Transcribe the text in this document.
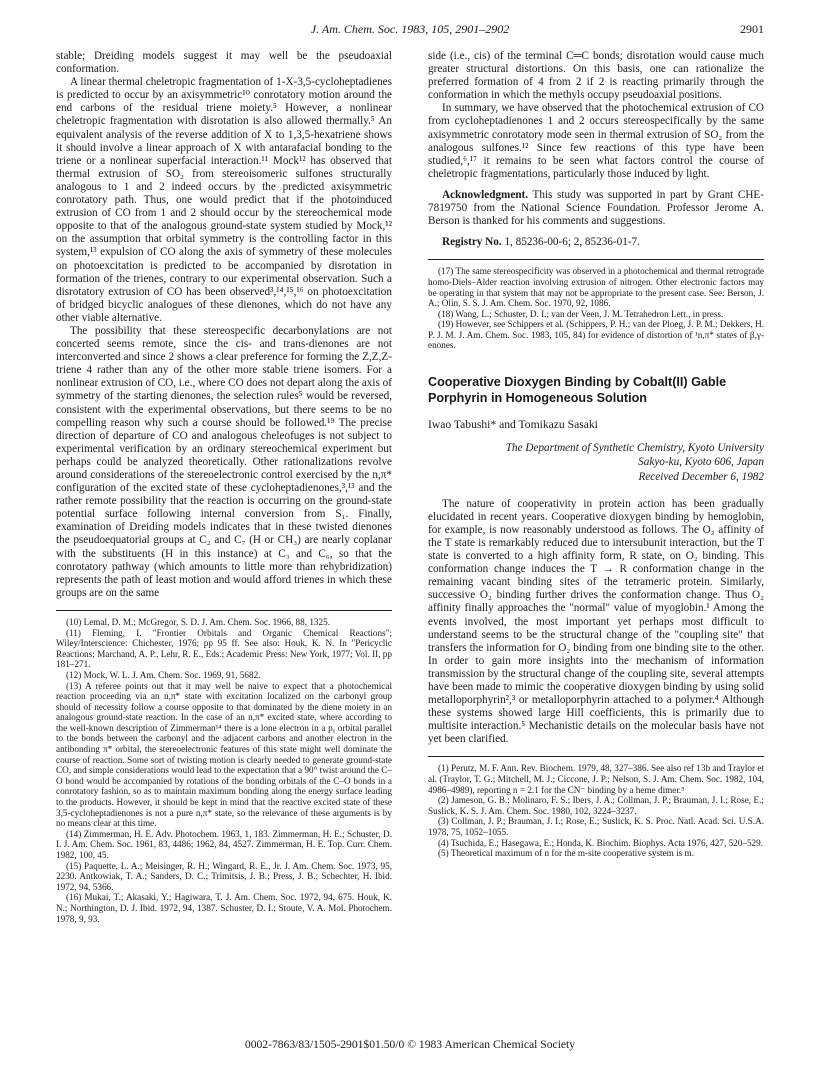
J. Am. Chem. Soc. 1983, 105, 2901–2902	2901

stable; Dreiding models suggest it may well be the pseudoaxial conformation.

A linear thermal cheletropic fragmentation of 1-X-3,5-cycloheptadienes is predicted to occur by an axisymmetric¹⁰ conrotatory motion around the end carbons of the residual triene moiety.⁵ However, a nonlinear cheletropic fragmentation with disrotation is also allowed thermally.⁵ An equivalent analysis of the reverse addition of X to 1,3,5-hexatriene shows it should involve a linear approach of X with antarafacial bonding to the triene or a nonlinear superfacial interaction.¹¹ Mock¹² has observed that thermal extrusion of SO₂ from stereoisomeric sulfones structurally analogous to 1 and 2 indeed occurs by the predicted axisymmetric conrotatory path. Thus, one would predict that if the photoinduced extrusion of CO from 1 and 2 should occur by the stereochemical mode opposite to that of the analogous ground-state system studied by Mock,¹² on the assumption that orbital symmetry is the controlling factor in this system,¹³ expulsion of CO along the axis of symmetry of these molecules on photoexcitation is predicted to be accompanied by disrotation in formation of the trienes, contrary to our experimental observation. Such a disrotatory extrusion of CO has been observed³,¹⁴,¹⁵,¹⁶ on photoexcitation of bridged bicyclic analogues of these dienones, which do not have any other viable alternative.

The possibility that these stereospecific decarbonylations are not concerted seems remote, since the cis- and trans-dienones are not interconverted and since 2 shows a clear preference for forming the Z,Z,Z-triene 4 rather than any of the other more stable triene isomers. For a nonlinear extrusion of CO, i.e., where CO does not depart along the axis of symmetry of the starting dienones, the selection rules⁵ would be reversed, consistent with the experimental observations, but there seems to be no compelling reason why such a course should be followed.¹⁹ The precise direction of departure of CO and analogous cheleofuges is not subject to experimental verification by an ordinary stereochemical experiment but perhaps could be analyzed theoretically. Other rationalizations revolve around considerations of the stereoelectronic control exercised by the n,π* configuration of the excited state of these cycloheptadienones,³,¹³ and the rather remote possibility that the reaction is occurring on the ground-state potential surface following internal conversion from S₁. Finally, examination of Dreiding models indicates that in these twisted dienones the pseudoequatorial groups at C₂ and C₇ (H or CH₃) are nearly coplanar with the substituents (H in this instance) at C₃ and C₆, so that the conrotatory pathway (which amounts to little more than rehybridization) represents the path of least motion and would afford trienes in which these groups are on the same

(10) Lemal, D. M.; McGregor, S. D. J. Am. Chem. Soc. 1966, 88, 1325.

(11) Fleming, I. "Frontier Orbitals and Organic Chemical Reactions"; Wiley/Interscience: Chichester, 1976; pp 95 ff. See also: Houk, K. N. In "Pericyclic Reactions; Marchand, A. P., Lehr, R. E., Eds.; Academic Press: New York, 1977; Vol. II, pp 181–271.

(12) Mock, W. L. J. Am. Chem. Soc. 1969, 91, 5682.

(13) A referee points out that it may well be naive to expect that a photochemical reaction proceeding via an n,π* state with excitation localized on the carbonyl group should of necessity follow a course opposite to that dominated by the diene moiety in an analogous ground-state reaction. In the case of an n,π* excited state, where according to the well-known description of Zimmerman¹⁴ there is a lone electron in a pᵧ orbital parallel to the bonds between the carbonyl and the adjacent carbons and another electron in the antibonding π* orbital, the stereoelectronic features of this state might well dominate the course of reaction. Some sort of twisting motion is clearly needed to generate ground-state CO, and simple considerations would lead to the expectation that a 90° twist around the C–O bond would be accompanied by rotations of the bonding orbitals of the C–O bonds in a conrotatory fashion, so as to maintain maximum bonding along the energy surface leading to the products. However, it should be kept in mind that the reactive excited state of these 3,5-cycloheptadienones is not a pure n,π* state, so the relevance of these arguments is by no means clear at this time.

(14) Zimmerman, H. E. Adv. Photochem. 1963, 1, 183. Zimmerman, H. E.; Schuster, D. I. J. Am. Chem. Soc. 1961, 83, 4486; 1962, 84, 4527. Zimmerman, H. E. Top. Curr. Chem. 1982, 100, 45.

(15) Paquette, L. A.; Meisinger, R. H.; Wingard, R. E., Jr. J. Am. Chem. Soc. 1973, 95, 2230. Antkowiak, T. A.; Sanders, D. C.; Trimitsis, J. B.; Press, J. B.; Schechter, H. Ibid. 1972, 94, 5366.

(16) Mukai, T.; Akasaki, Y.; Hagiwara, T. J. Am. Chem. Soc. 1972, 94, 675. Houk, K. N.; Northington, D. J. Ibid. 1972, 94, 1387. Schuster, D. I.; Stoute, V. A. Mol. Photochem. 1978, 9, 93.

side (i.e., cis) of the terminal C═C bonds; disrotation would cause much greater structural distortions. On this basis, one can rationalize the preferred formation of 4 from 2 if 2 is reacting primarily through the conformation in which the methyls occupy pseudoaxial positions.

In summary, we have observed that the photochemical extrusion of CO from cycloheptadienones 1 and 2 occurs stereospecifically by the same axisymmetric conrotatory mode seen in thermal extrusion of SO₂ from the analogous sulfones.¹² Since few reactions of this type have been studied,⁶,¹⁷ it remains to be seen what factors control the course of cheletropic fragmentations, particularly those induced by light.

Acknowledgment. This study was supported in part by Grant CHE-7819750 from the National Science Foundation. Professor Jerome A. Berson is thanked for his comments and suggestions.

Registry No. 1, 85236-00-6; 2, 85236-01-7.

(17) The same stereospecificity was observed in a photochemical and thermal retrograde homo-Diels–Alder reaction involving extrusion of nitrogen. Other electronic factors may be operating in that system that may not be appropriate to the present case. See: Berson, J. A.; Olin, S. S. J. Am. Chem. Soc. 1970, 92, 1086.

(18) Wang, L.; Schuster, D. I.; van der Veen, J. M. Tetrahedron Lett., in press.

(19) However, see Schippers et al. (Schippers, P. H.; van der Ploeg, J. P. M.; Dekkers, H. P. J. M. J. Am. Chem. Soc. 1983, 105, 84) for evidence of distortion of ¹n,π* states of β,γ-enones.

Cooperative Dioxygen Binding by Cobalt(II) Gable Porphyrin in Homogeneous Solution
Iwao Tabushi* and Tomikazu Sasaki
The Department of Synthetic Chemistry, Kyoto University
Sakyo-ku, Kyoto 606, Japan
Received December 6, 1982

The nature of cooperativity in protein action has been gradually elucidated in recent years. Cooperative dioxygen binding by hemoglobin, for example, is now reasonably understood as follows. The O₂ affinity of the T state is remarkably reduced due to intersubunit interaction, but the T state is converted to a high affinity form, R state, on O₂ binding. This conformation change induces the T → R conformation change in the remaining vacant binding sites of the tetrameric protein. Similarly, successive O₂ binding further drives the conformation change. Thus O₂ affinity finally approaches the "normal" value of myoglobin.¹ Among the events involved, the most important yet perhaps most difficult to understand seems to be the structural change of the "coupling site" that transfers the information for O₂ binding from one binding site to the other. In order to gain more insights into the mechanism of information transmission by the structural change of the coupling site, several attempts have been made to mimic the cooperative dioxygen binding by using solid metalloporphyrin²,³ or metalloporphyrin attached to a polymer.⁴ Although these systems showed large Hill coefficients, this is primarily due to multisite interaction.⁵ Mechanistic details on the molecular basis have not yet been clarified.

(1) Perutz, M. F. Ann. Rev. Biochem. 1979, 48, 327–386. See also ref 13b and Traylor et al. (Traylor, T. G.; Mitchell, M. J.; Ciccone, J. P.; Nelson, S. J. Am. Chem. Soc. 1982, 104, 4986–4989), reporting n = 2.1 for the CN⁻ binding by a heme dimer.⁵

(2) Jameson, G. B.; Molinaro, F. S.; Ibers, J. A.; Collman, J. P.; Brauman, J. I.; Rose, E.; Suslick, K. S. J. Am. Chem. Soc. 1980, 102, 3224–3237.

(3) Collman, J. P.; Brauman, J. I.; Rose, E.; Suslick, K. S. Proc. Natl. Acad. Sci. U.S.A. 1978, 75, 1052–1055.

(4) Tsuchida, E.; Hasegawa, E.; Honda, K. Biochim. Biophys. Acta 1976, 427, 520–529.

(5) Theoretical maximum of n for the m-site cooperative system is m.

0002-7863/83/1505-2901$01.50/0 © 1983 American Chemical Society
